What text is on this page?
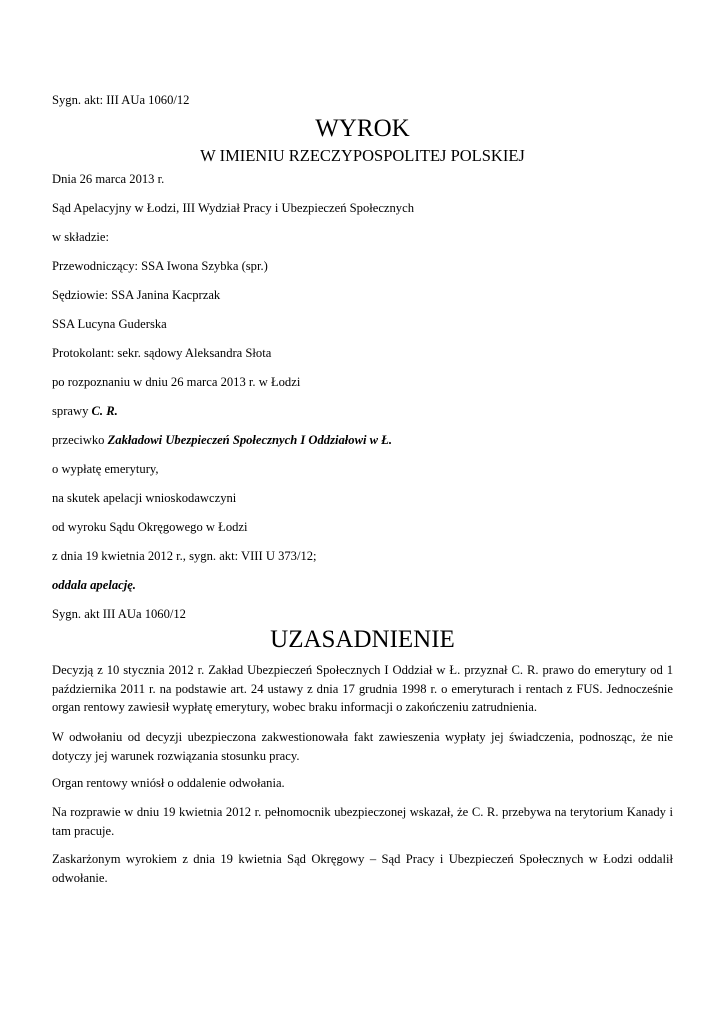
Sygn. akt: III AUa 1060/12
WYROK
W IMIENIU RZECZYPOSPOLITEJ POLSKIEJ
Dnia 26 marca 2013 r.
Sąd Apelacyjny w Łodzi, III Wydział Pracy i Ubezpieczeń Społecznych
w składzie:
Przewodniczący: SSA Iwona Szybka (spr.)
Sędziowie: SSA Janina Kacprzak
SSA Lucyna Guderska
Protokolant: sekr. sądowy Aleksandra Słota
po rozpoznaniu w dniu 26 marca 2013 r. w Łodzi
sprawy C. R.
przeciwko Zakładowi Ubezpieczeń Społecznych I Oddziałowi w Ł.
o wypłatę emerytury,
na skutek apelacji wnioskodawczyni
od wyroku Sądu Okręgowego w Łodzi
z dnia 19 kwietnia 2012 r., sygn. akt: VIII U 373/12;
oddala apelację.
Sygn. akt III AUa 1060/12
UZASADNIENIE
Decyzją z 10 stycznia 2012 r. Zakład Ubezpieczeń Społecznych I Oddział w Ł. przyznał C. R. prawo do emerytury od 1 października 2011 r. na podstawie art. 24 ustawy z dnia 17 grudnia 1998 r. o emeryturach i rentach z FUS. Jednocześnie organ rentowy zawiesił wypłatę emerytury, wobec braku informacji o zakończeniu zatrudnienia.
W odwołaniu od decyzji ubezpieczona zakwestionowała fakt zawieszenia wypłaty jej świadczenia, podnosząc, że nie dotyczy jej warunek rozwiązania stosunku pracy.
Organ rentowy wniósł o oddalenie odwołania.
Na rozprawie w dniu 19 kwietnia 2012 r. pełnomocnik ubezpieczonej wskazał, że C. R. przebywa na terytorium Kanady i tam pracuje.
Zaskarżonym wyrokiem z dnia 19 kwietnia Sąd Okręgowy – Sąd Pracy i Ubezpieczeń Społecznych w Łodzi oddalił odwołanie.
